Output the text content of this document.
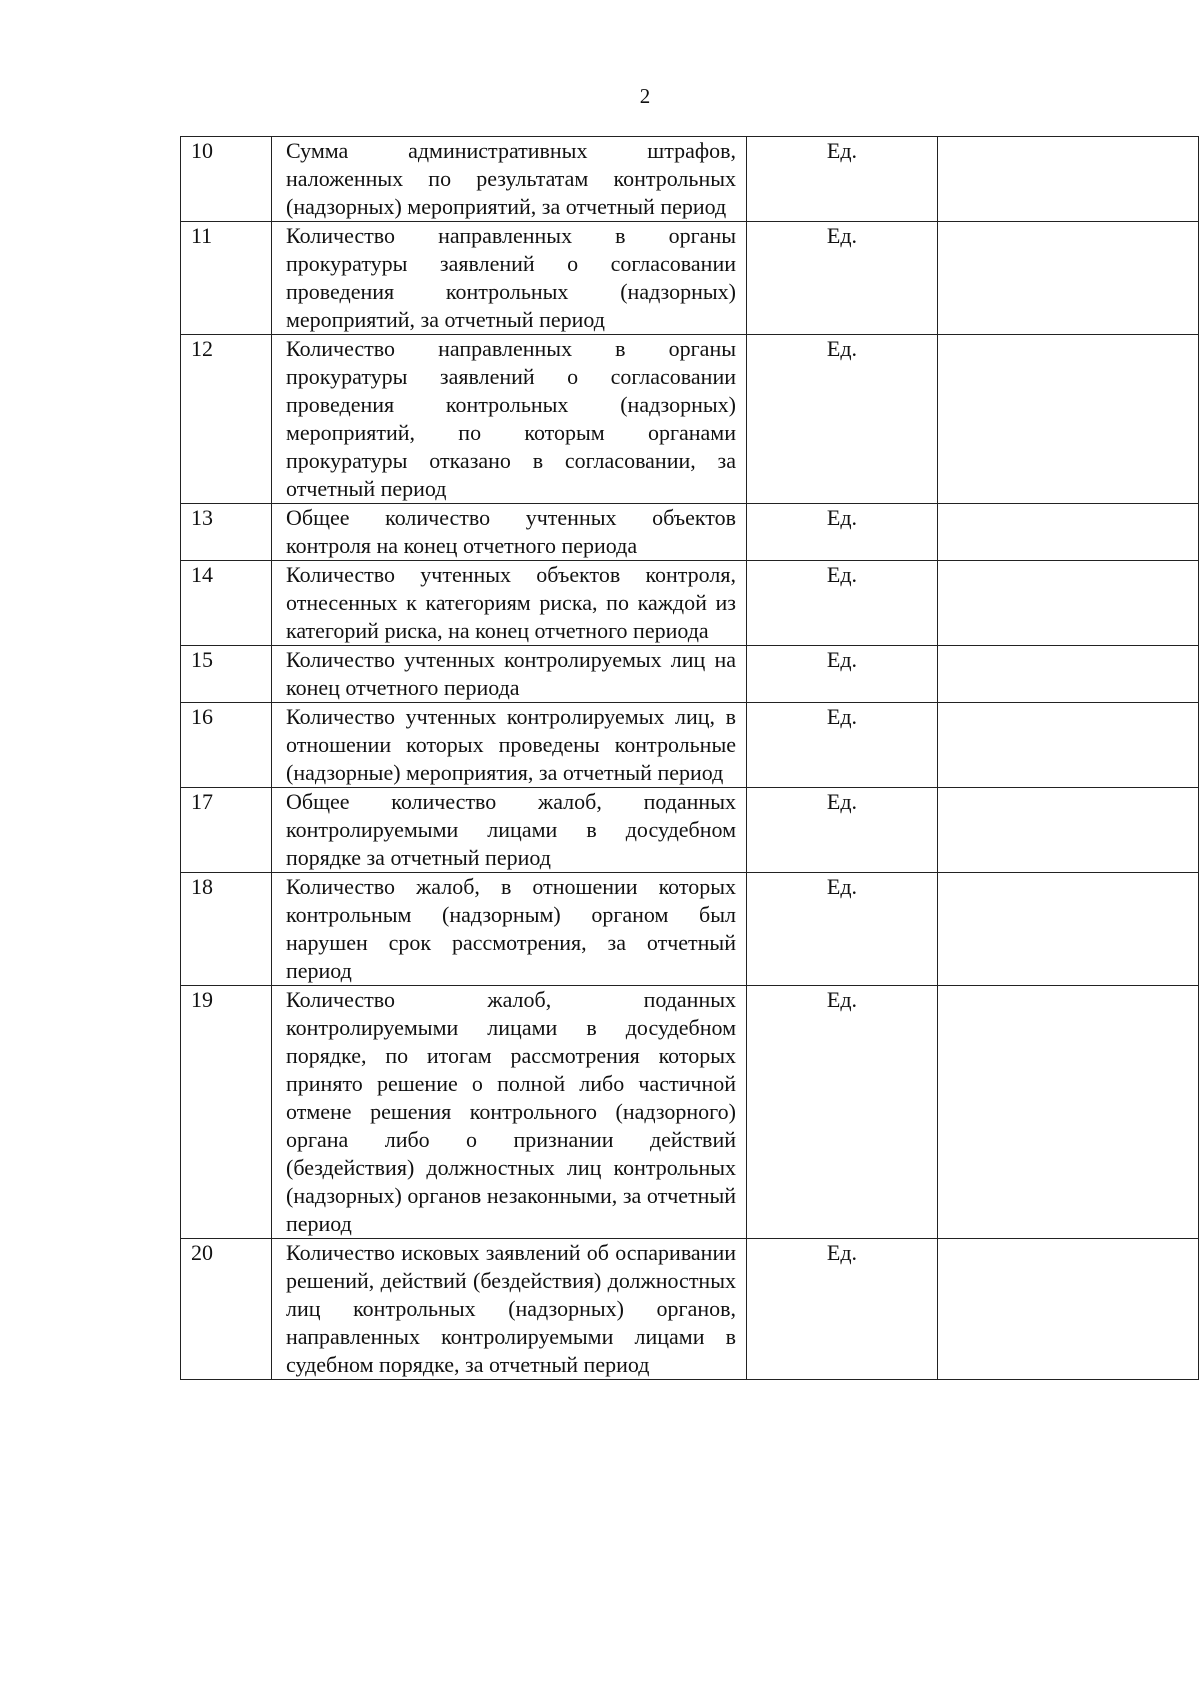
2
10	Сумма административных штрафов, наложенных по результатам контрольных (надзорных) мероприятий, за отчетный период	Ед.	
11	Количество направленных в органы прокуратуры заявлений о согласовании проведения контрольных (надзорных) мероприятий, за отчетный период	Ед.	
12	Количество направленных в органы прокуратуры заявлений о согласовании проведения контрольных (надзорных) мероприятий, по которым органами прокуратуры отказано в согласовании, за отчетный период	Ед.	
13	Общее количество учтенных объектов контроля на конец отчетного периода	Ед.	
14	Количество учтенных объектов контроля, отнесенных к категориям риска, по каждой из категорий риска, на конец отчетного периода	Ед.	
15	Количество учтенных контролируемых лиц на конец отчетного периода	Ед.	
16	Количество учтенных контролируемых лиц, в отношении которых проведены контрольные (надзорные) мероприятия, за отчетный период	Ед.	
17	Общее количество жалоб, поданных контролируемыми лицами в досудебном порядке за отчетный период	Ед.	
18	Количество жалоб, в отношении которых контрольным (надзорным) органом был нарушен срок рассмотрения, за отчетный период	Ед.	
19	Количество жалоб, поданных контролируемыми лицами в досудебном порядке, по итогам рассмотрения которых принято решение о полной либо частичной отмене решения контрольного (надзорного) органа либо о признании действий (бездействия) должностных лиц контрольных (надзорных) органов незаконными, за отчетный период	Ед.	
20	Количество исковых заявлений об оспаривании решений, действий (бездействия) должностных лиц контрольных (надзорных) органов, направленных контролируемыми лицами в судебном порядке, за отчетный период	Ед.	
